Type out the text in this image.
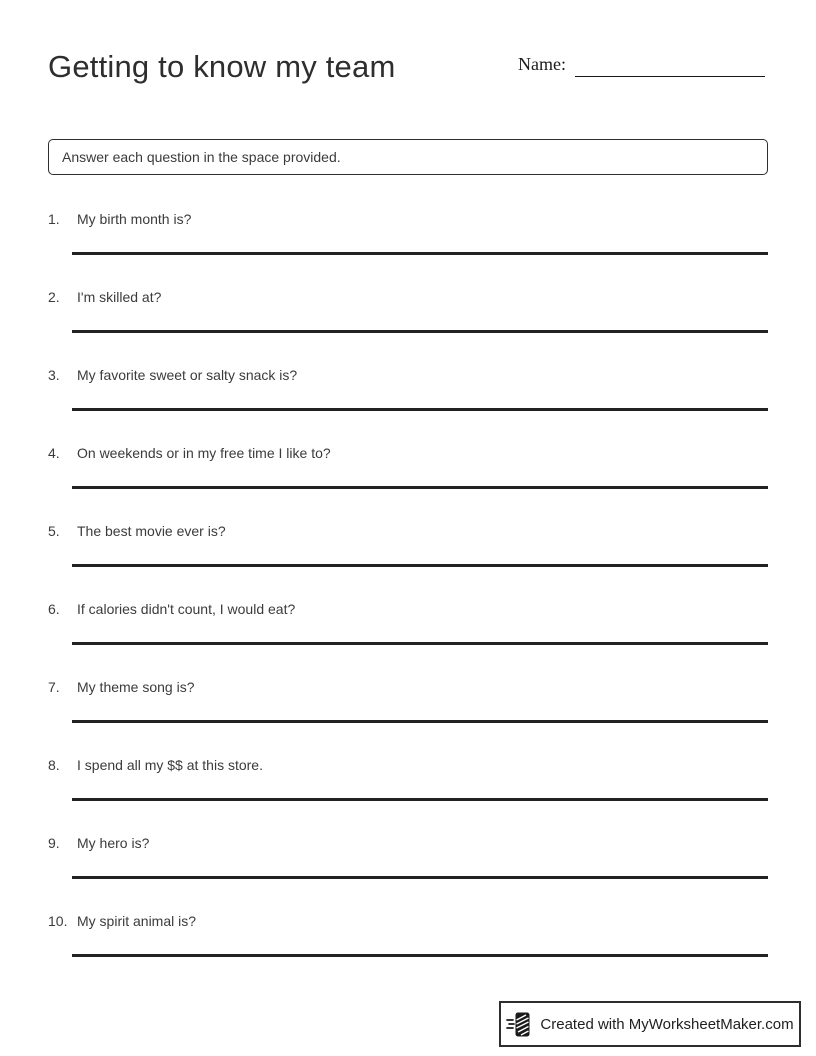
Getting to know my team	Name:
Answer each question in the space provided.
1.	My birth month is?
2.	I'm skilled at?
3.	My favorite sweet or salty snack is?
4.	On weekends or in my free time I like to?
5.	The best movie ever is?
6.	If calories didn't count, I would eat?
7.	My theme song is?
8.	I spend all my $$ at this store.
9.	My hero is?
10. My spirit animal is?
Created with MyWorksheetMaker.com
